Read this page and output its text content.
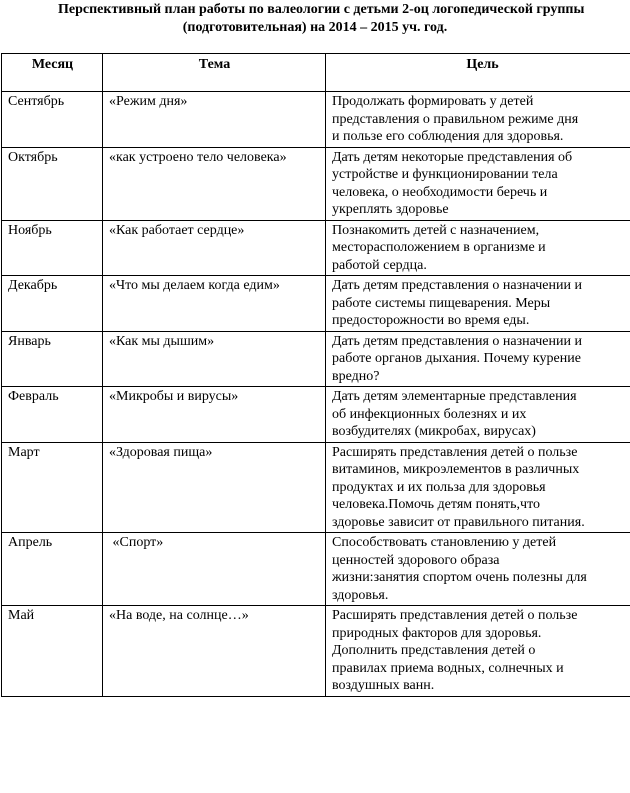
Перспективный план работы по валеологии с детьми 2-оц логопедической группы
(подготовительная) на 2014 – 2015 уч. год.
Месяц	Тема	Цель
Сентябрь	«Режим дня»	Продолжать формировать у детей
представления о правильном режиме дня
и пользе его соблюдения для здоровья.

Октябрь	«как устроено тело человека»	Дать детям некоторые представления об
устройстве и функционировании тела
человека, о необходимости беречь и
укреплять здоровье

Ноябрь	«Как работает сердце»	Познакомить детей с назначением,
месторасположением в организме и
работой сердца.

Декабрь	«Что мы делаем когда едим»	Дать детям представления о назначении и
работе системы пищеварения. Меры
предосторожности во время еды.

Январь	«Как мы дышим»	Дать детям представления о назначении и
работе органов дыхания. Почему курение
вредно?

Февраль	«Микробы и вирусы»	Дать детям элементарные представления
об инфекционных болезнях и их
возбудителях (микробах, вирусах)

Март	«Здоровая пища»	Расширять представления детей о пользе
витаминов, микроэлементов в различных
продуктах и их польза для здоровья
человека.Помочь детям понять,что
здоровье зависит от правильного питания.

Апрель	«Спорт»	Способствовать становлению у детей
ценностей здорового образа
жизни:занятия спортом очень полезны для
здоровья.

Май	«На воде, на солнце…»	Расширять представления детей о пользе
природных факторов для здоровья.
Дополнить представления детей о
правилах приема водных, солнечных и
воздушных ванн.
